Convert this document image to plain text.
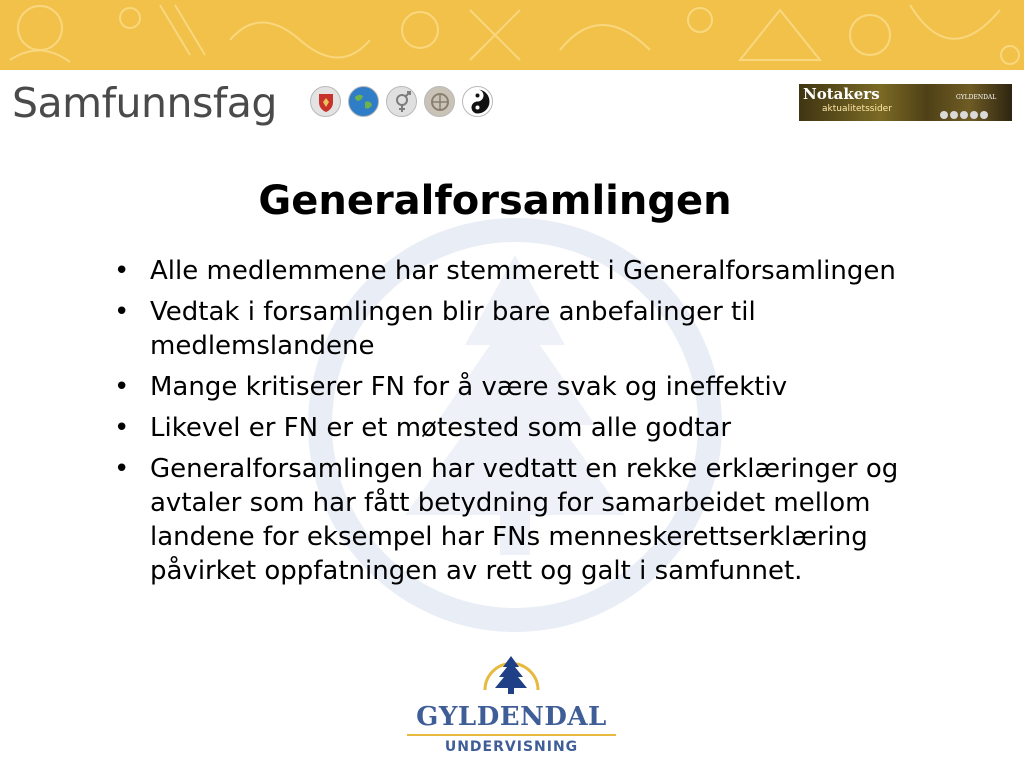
Samfunnsfag	Notakers
aktualitetssider
GYLDENDAL
Generalforsamlingen
• Alle medlemmene har stemmerett i Generalforsamlingen
• Vedtak i forsamlingen blir bare anbefalinger til medlemslandene
• Mange kritiserer FN for å være svak og ineffektiv
• Likevel er FN er et møtested som alle godtar
• Generalforsamlingen har vedtatt en rekke erklæringer og avtaler som har fått betydning for samarbeidet mellom landene for eksempel har FNs menneskerettserklæring påvirket oppfatningen av rett og galt i samfunnet.
GYLDENDAL
UNDERVISNING
